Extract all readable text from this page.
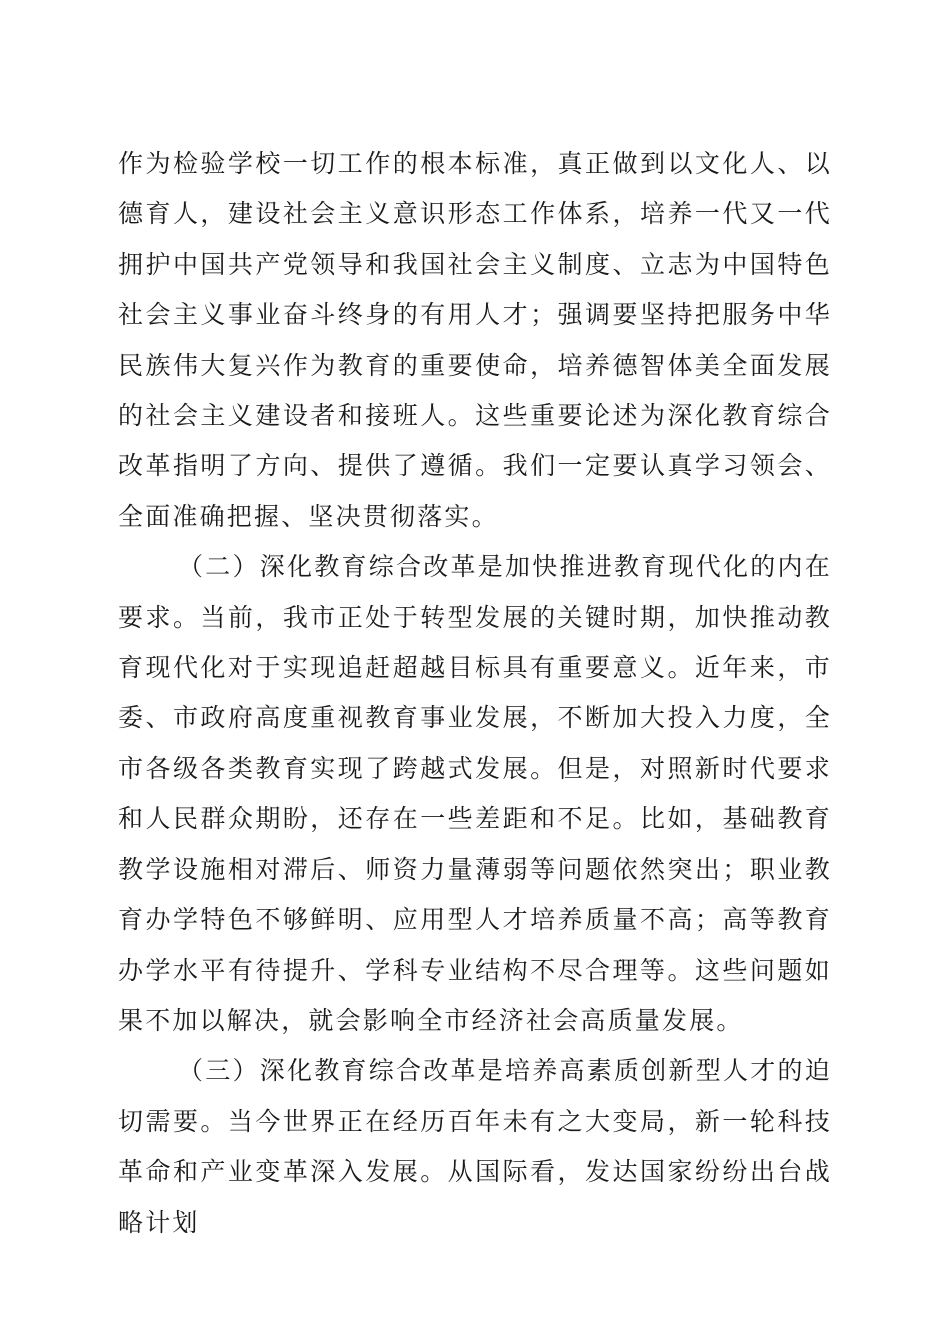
作为检验学校一切工作的根本标准，真正做到以文化人、以德育人，建设社会主义意识形态工作体系，培养一代又一代拥护中国共产党领导和我国社会主义制度、立志为中国特色社会主义事业奋斗终身的有用人才；强调要坚持把服务中华民族伟大复兴作为教育的重要使命，培养德智体美全面发展的社会主义建设者和接班人。这些重要论述为深化教育综合改革指明了方向、提供了遵循。我们一定要认真学习领会、全面准确把握、坚决贯彻落实。

（二）深化教育综合改革是加快推进教育现代化的内在要求。当前，我市正处于转型发展的关键时期，加快推动教育现代化对于实现追赶超越目标具有重要意义。近年来，市委、市政府高度重视教育事业发展，不断加大投入力度，全市各级各类教育实现了跨越式发展。但是，对照新时代要求和人民群众期盼，还存在一些差距和不足。比如，基础教育教学设施相对滞后、师资力量薄弱等问题依然突出；职业教育办学特色不够鲜明、应用型人才培养质量不高；高等教育办学水平有待提升、学科专业结构不尽合理等。这些问题如果不加以解决，就会影响全市经济社会高质量发展。

（三）深化教育综合改革是培养高素质创新型人才的迫切需要。当今世界正在经历百年未有之大变局，新一轮科技革命和产业变革深入发展。从国际看，发达国家纷纷出台战略计划
